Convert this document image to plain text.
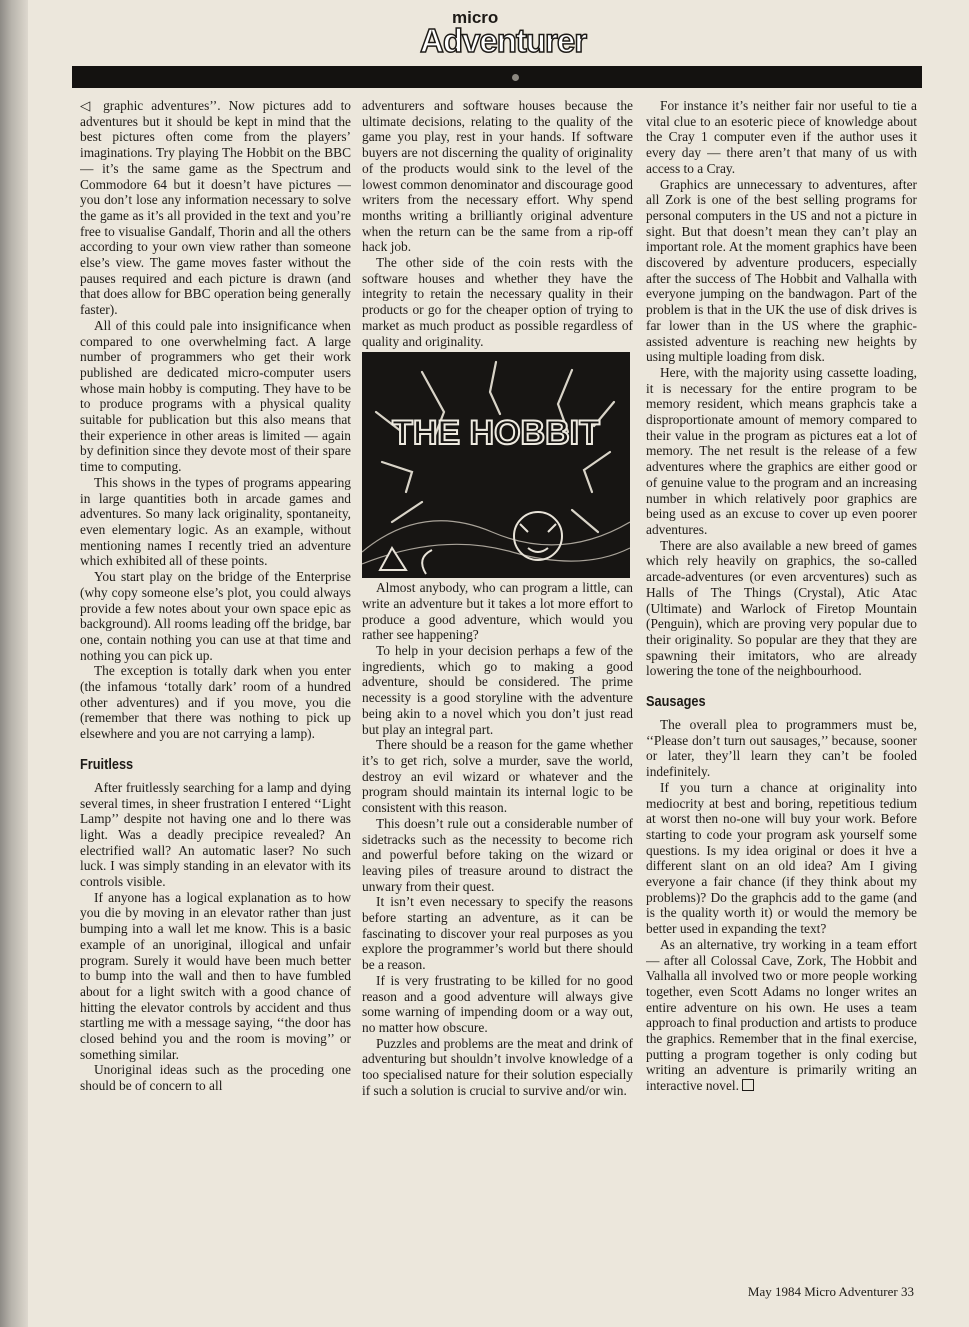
micro
Adventurer

◁ graphic adventures’’. Now pictures add to adventures but it should be kept in mind that the best pictures often come from the players’ imaginations. Try playing The Hobbit on the BBC — it’s the same game as the Spectrum and Commodore 64 but it doesn’t have pictures — you don’t lose any information necessary to solve the game as it’s all provided in the text and you’re free to visualise Gandalf, Thorin and all the others according to your own view rather than someone else’s view. The game moves faster without the pauses required and each picture is drawn (and that does allow for BBC operation being generally faster).

All of this could pale into insignificance when compared to one overwhelming fact. A large number of programmers who get their work published are dedicated micro-computer users whose main hobby is computing. They have to be to produce programs with a physical quality suitable for publication but this also means that their experience in other areas is limited — again by definition since they devote most of their spare time to computing.

This shows in the types of programs appearing in large quantities both in arcade games and adventures. So many lack originality, spontaneity, even elementary logic. As an example, without mentioning names I recently tried an adventure which exhibited all of these points.

You start play on the bridge of the Enterprise (why copy someone else’s plot, you could always provide a few notes about your own space epic as background). All rooms leading off the bridge, bar one, contain nothing you can use at that time and nothing you can pick up.

The exception is totally dark when you enter (the infamous ‘totally dark’ room of a hundred other adventures) and if you move, you die (remember that there was nothing to pick up elsewhere and you are not carrying a lamp).

Fruitless

After fruitlessly searching for a lamp and dying several times, in sheer frustration I entered ‘‘Light Lamp’’ despite not having one and lo there was light. Was a deadly precipice revealed? An electrified wall? An automatic laser? No such luck. I was simply standing in an elevator with its controls visible.

If anyone has a logical explanation as to how you die by moving in an elevator rather than just bumping into a wall let me know. This is a basic example of an unoriginal, illogical and unfair program. Surely it would have been much better to bump into the wall and then to have fumbled about for a light switch with a good chance of hitting the elevator controls by accident and thus startling me with a message saying, ‘‘the door has closed behind you and the room is moving’’ or something similar.

Unoriginal ideas such as the proceding one should be of concern to all

adventurers and software houses because the ultimate decisions, relating to the quality of the game you play, rest in your hands. If software buyers are not discerning the quality of originality of the products would sink to the level of the lowest common denominator and discourage good writers from the necessary effort. Why spend months writing a brilliantly original adventure when the return can be the same from a rip-off hack job.

The other side of the coin rests with the software houses and whether they have the integrity to retain the necessary quality in their products or go for the cheaper option of trying to market as much product as possible regardless of quality and originality.

THE HOBBIT

Almost anybody, who can program a little, can write an adventure but it takes a lot more effort to produce a good adventure, which would you rather see happening?

To help in your decision perhaps a few of the ingredients, which go to making a good adventure, should be considered. The prime necessity is a good storyline with the adventure being akin to a novel which you don’t just read but play an integral part.

There should be a reason for the game whether it’s to get rich, solve a murder, save the world, destroy an evil wizard or whatever and the program should maintain its internal logic to be consistent with this reason.

This doesn’t rule out a considerable number of sidetracks such as the necessity to become rich and powerful before taking on the wizard or leaving piles of treasure around to distract the unwary from their quest.

It isn’t even necessary to specify the reasons before starting an adventure, as it can be fascinating to discover your real purposes as you explore the programmer’s world but there should be a reason.

If is very frustrating to be killed for no good reason and a good adventure will always give some warning of impending doom or a way out, no matter how obscure.

Puzzles and problems are the meat and drink of adventuring but shouldn’t involve knowledge of a too specialised nature for their solution especially if such a solution is crucial to survive and/or win.

For instance it’s neither fair nor useful to tie a vital clue to an esoteric piece of knowledge about the Cray 1 computer even if the author uses it every day — there aren’t that many of us with access to a Cray.

Graphics are unnecessary to adventures, after all Zork is one of the best selling programs for personal computers in the US and not a picture in sight. But that doesn’t mean they can’t play an important role. At the moment graphics have been discovered by adventure producers, especially after the success of The Hobbit and Valhalla with everyone jumping on the bandwagon. Part of the problem is that in the UK the use of disk drives is far lower than in the US where the graphic-assisted adventure is reaching new heights by using multiple loading from disk.

Here, with the majority using cassette loading, it is necessary for the entire program to be memory resident, which means graphcis take a disproportionate amount of memory compared to their value in the program as pictures eat a lot of memory. The net result is the release of a few adventures where the graphics are either good or of genuine value to the program and an increasing number in which relatively poor graphics are being used as an excuse to cover up even poorer adventures.

There are also available a new breed of games which rely heavily on graphics, the so-called arcade-adventures (or even arcventures) such as Halls of The Things (Crystal), Atic Atac (Ultimate) and Warlock of Firetop Mountain (Penguin), which are proving very popular due to their originality. So popular are they that they are spawning their imitators, who are already lowering the tone of the neighbourhood.

Sausages

The overall plea to programmers must be, ‘‘Please don’t turn out sausages,’’ because, sooner or later, they’ll learn they can’t be fooled indefinitely.

If you turn a chance at originality into mediocrity at best and boring, repetitious tedium at worst then no-one will buy your work. Before starting to code your program ask yourself some questions. Is my idea original or does it hve a different slant on an old idea? Am I giving everyone a fair chance (if they think about my problems)? Do the graphcis add to the game (and is the quality worth it) or would the memory be better used in expanding the text?

As an alternative, try working in a team effort — after all Colossal Cave, Zork, The Hobbit and Valhalla all involved two or more people working together, even Scott Adams no longer writes an entire adventure on his own. He uses a team approach to final production and artists to produce the graphics. Remember that in the final exercise, putting a program together is only coding but writing an adventure is primarily writing an interactive novel.

May 1984 Micro Adventurer 33
